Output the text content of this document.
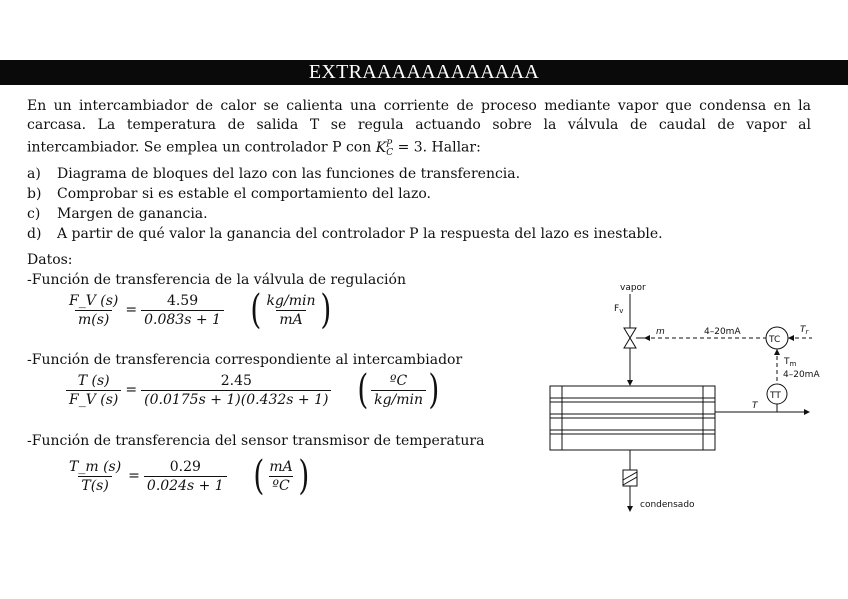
EXTRAAAAAAAAAAAA
En un intercambiador de calor se calienta una corriente de proceso mediante vapor que condensa en la carcasa. La temperatura de salida T se regula actuando sobre la válvula de caudal de vapor al intercambiador. Se emplea un controlador P con $K^P_C = 3$. Hallar:
a)	Diagrama de bloques del lazo con las funciones de transferencia.
b)	Comprobar si es estable el comportamiento del lazo.
c)	Margen de ganancia.
d)	A partir de qué valor la ganancia del controlador P la respuesta del lazo es inestable.
Datos:
-Función de transferencia de la válvula de regulación
$\frac{F\_V (s)}{m(s)} = \frac{4.59}{0.083s + 1}$ ( $\frac{kg/\min}{mA}$ )
-Función de transferencia correspondiente al intercambiador
$\frac{T (s)}{F\_V (s)} = \frac{2.45}{(0.0175s + 1)(0.432s + 1)}$ ( $\frac{\text{ºC}}{kg/\min}$ )
-Función de transferencia del sensor transmisor de temperatura
$\frac{T\_m (s)}{T(s)} = \frac{0.29}{0.024s + 1}$ ( $\frac{mA}{\text{ºC}}$ )
vapor
$F_v$
m	4–20mA
TC
$T_r$
$T_m$
4–20mA
TT
T
condensado
